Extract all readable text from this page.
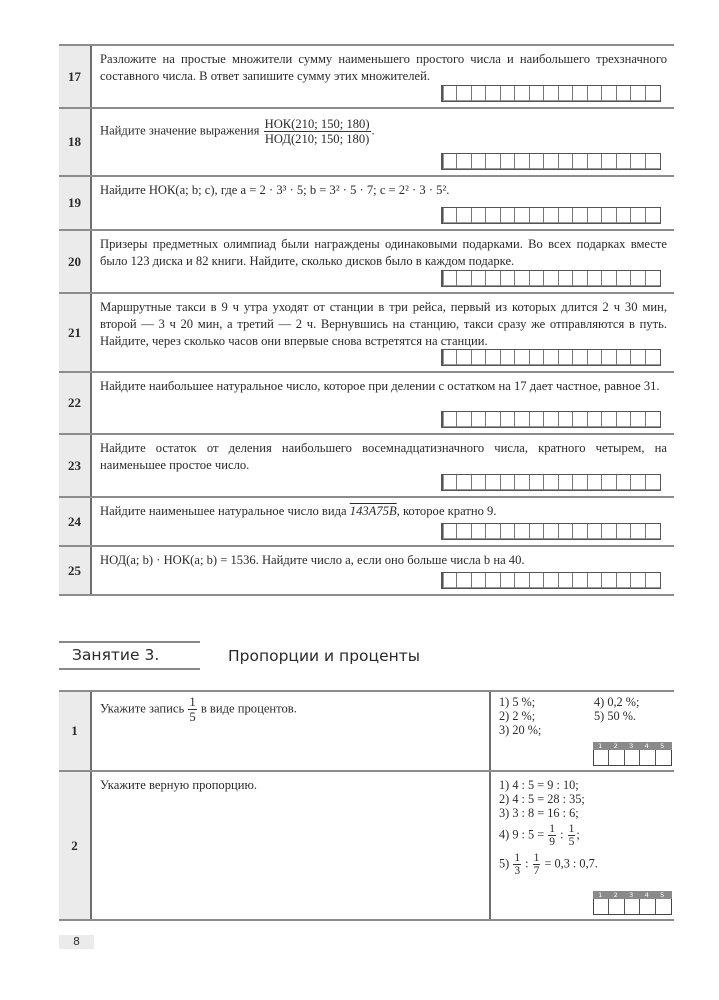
17
Разложите на простые множители сумму наименьшего простого числа и наибольшего трехзначного составного числа. В ответ запишите сумму этих множителей.
18
Найдите значение выражения $\frac{\text{НОК(210; 150; 180)}}{\text{НОД(210; 150; 180)}}$ .
19
Найдите НОК(a; b; c), где a = 2 · 3³ · 5; b = 3² · 5 · 7; c = 2² · 3 · 5².
20
Призеры предметных олимпиад были награждены одинаковыми подарками. Во всех подарках вместе было 123 диска и 82 книги. Найдите, сколько дисков было в каждом подарке.
21
Маршрутные такси в 9 ч утра уходят от станции в три рейса, первый из которых длится 2 ч 30 мин, второй — 3 ч 20 мин, а третий — 2 ч. Вернувшись на станцию, такси сразу же отправляются в путь. Найдите, через сколько часов они впервые снова встретятся на станции.
22
Найдите наибольшее натуральное число, которое при делении с остатком на 17 дает частное, равное 31.
23
Найдите остаток от деления наибольшего восемнадцатизначного числа, кратного четырем, на наименьшее простое число.
24
Найдите наименьшее натуральное число вида 143A75B, которое кратно 9.
25
НОД(a; b) · НОК(a; b) = 1536. Найдите число a, если оно больше числа b на 40.
Занятие 3.	Пропорции и проценты
1
Укажите запись $\frac{1}{5}$ в виде процентов.	1) 5 %;	4) 0,2 %;
2) 2 %;	5) 50 %.
3) 20 %;
1	2	3	4	5
2
Укажите верную пропорцию.	1) 4 : 5 = 9 : 10;
2) 4 : 5 = 28 : 35;
3) 3 : 8 = 16 : 6;
4) 9 : $5 = \frac{1}{9}$ : $\frac{1}{5}$ ;
$5) \frac{1}{3}$ : $\frac{1}{7} = 0,3$ : 0,7.
1	2	3	4	5
8
